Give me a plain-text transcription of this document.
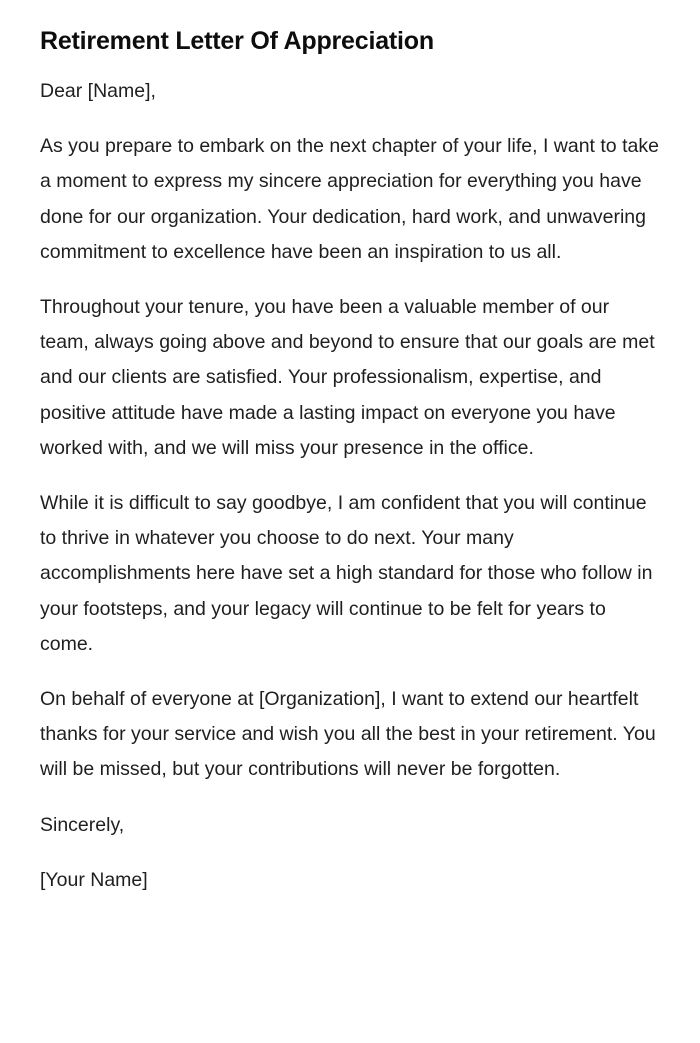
Retirement Letter Of Appreciation

Dear [Name],

As you prepare to embark on the next chapter of your life, I want to take a moment to express my sincere appreciation for everything you have done for our organization. Your dedication, hard work, and unwavering commitment to excellence have been an inspiration to us all.

Throughout your tenure, you have been a valuable member of our team, always going above and beyond to ensure that our goals are met and our clients are satisfied. Your professionalism, expertise, and positive attitude have made a lasting impact on everyone you have worked with, and we will miss your presence in the office.

While it is difficult to say goodbye, I am confident that you will continue to thrive in whatever you choose to do next. Your many accomplishments here have set a high standard for those who follow in your footsteps, and your legacy will continue to be felt for years to come.

On behalf of everyone at [Organization], I want to extend our heartfelt thanks for your service and wish you all the best in your retirement. You will be missed, but your contributions will never be forgotten.

Sincerely,

[Your Name]
